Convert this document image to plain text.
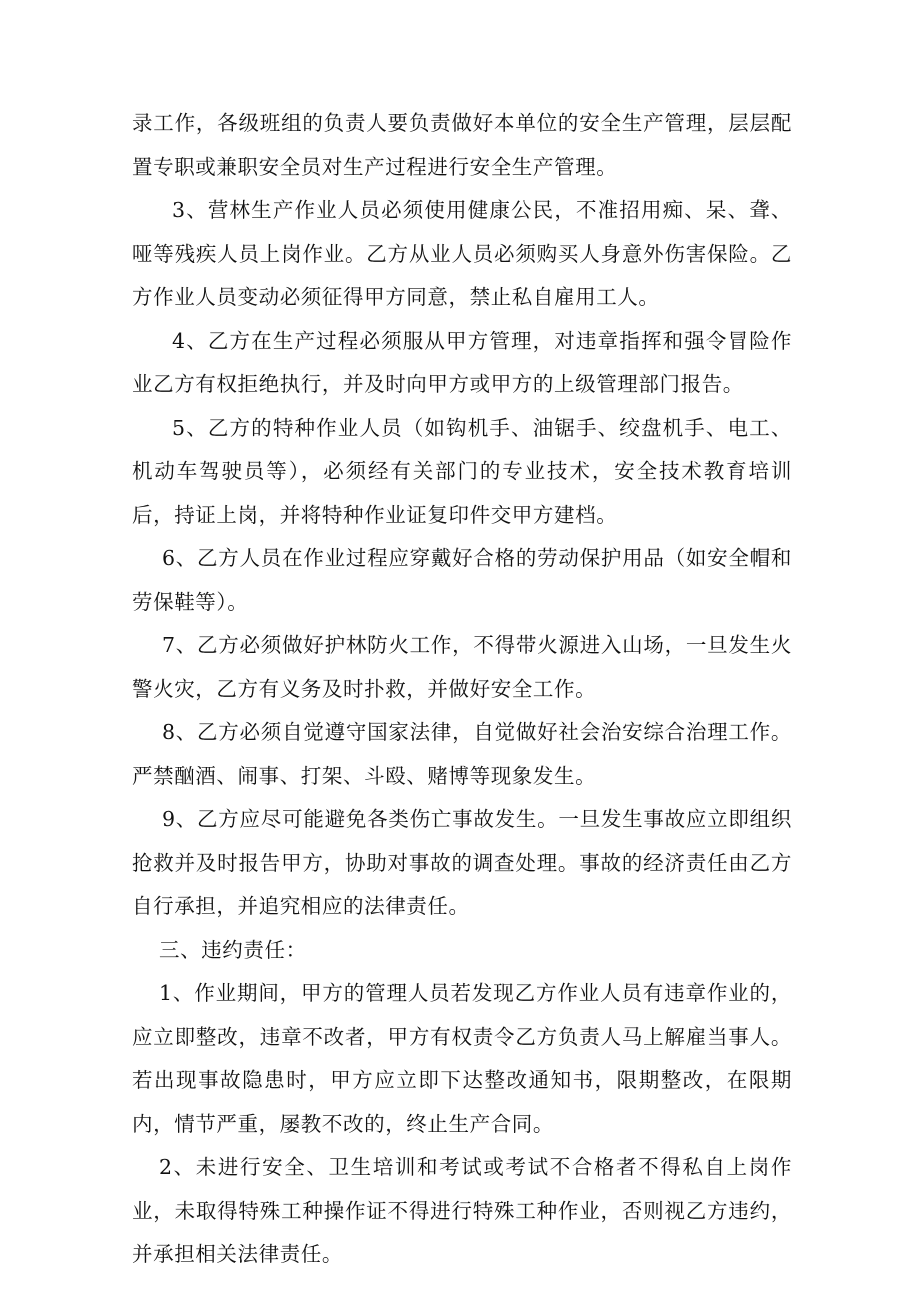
录工作，各级班组的负责人要负责做好本单位的安全生产管理，层层配置专职或兼职安全员对生产过程进行安全生产管理。

3、营林生产作业人员必须使用健康公民，不准招用痴、呆、聋、哑等残疾人员上岗作业。乙方从业人员必须购买人身意外伤害保险。乙方作业人员变动必须征得甲方同意，禁止私自雇用工人。

4、乙方在生产过程必须服从甲方管理，对违章指挥和强令冒险作业乙方有权拒绝执行，并及时向甲方或甲方的上级管理部门报告。

5、乙方的特种作业人员（如钩机手、油锯手、绞盘机手、电工、机动车驾驶员等），必须经有关部门的专业技术，安全技术教育培训后，持证上岗，并将特种作业证复印件交甲方建档。

6、乙方人员在作业过程应穿戴好合格的劳动保护用品（如安全帽和劳保鞋等）。

7、乙方必须做好护林防火工作，不得带火源进入山场，一旦发生火警火灾，乙方有义务及时扑救，并做好安全工作。

8、乙方必须自觉遵守国家法律，自觉做好社会治安综合治理工作。严禁酗酒、闹事、打架、斗殴、赌博等现象发生。

9、乙方应尽可能避免各类伤亡事故发生。一旦发生事故应立即组织抢救并及时报告甲方，协助对事故的调查处理。事故的经济责任由乙方自行承担，并追究相应的法律责任。

三、违约责任：

1、作业期间，甲方的管理人员若发现乙方作业人员有违章作业的，应立即整改，违章不改者，甲方有权责令乙方负责人马上解雇当事人。若出现事故隐患时，甲方应立即下达整改通知书，限期整改，在限期内，情节严重，屡教不改的，终止生产合同。

2、未进行安全、卫生培训和考试或考试不合格者不得私自上岗作业，未取得特殊工种操作证不得进行特殊工种作业，否则视乙方违约，并承担相关法律责任。
